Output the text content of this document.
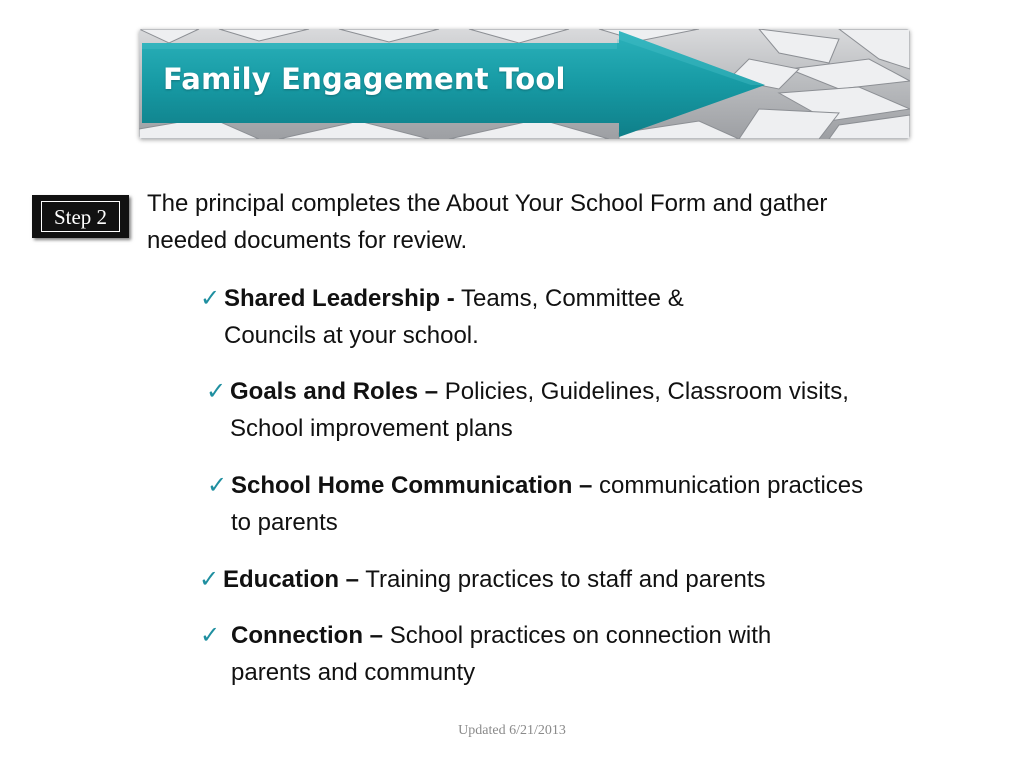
Family Engagement Tool
Step 2	The principal completes the About Your School Form and gather needed documents for review.
✓ Shared Leadership - Teams, Committee & Councils at your school.
✓ Goals and Roles – Policies, Guidelines, Classroom visits, School improvement plans
✓ School Home Communication – communication practices to parents
✓ Education – Training practices to staff and parents
✓ Connection – School practices on connection with parents and communty
Updated 6/21/2013
